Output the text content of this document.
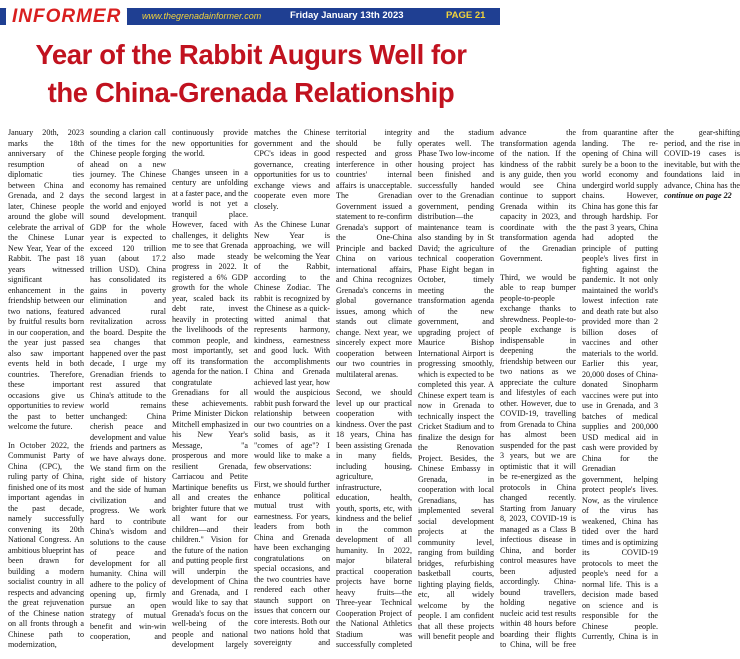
INFORMER	www.thegrenadainformer.com	Friday January 13th 2023	PAGE 21
Year of the Rabbit Augurs Well for
the China-Grenada Relationship

January 20th, 2023 marks the 18th anniversary of the resumption of diplomatic ties between China and Grenada, and 2 days later, Chinese people around the globe will celebrate the arrival of the Chinese Lunar New Year, Year of the Rabbit. The past 18 years witnessed significant enhancement in the friendship between our two nations, featured by fruitful results born in our cooperation, and the year just passed also saw important events held in both countries. Therefore, these important occasions give us opportunities to review the past to better welcome the future.

In October 2022, the Communist Party of China (CPC), the ruling party of China, finished one of its most important agendas in the past decade, namely successfully convening its 20th National Congress. An ambitious blueprint has been drawn for building a modern socialist country in all respects and advancing the great rejuvenation of the Chinese nation on all fronts through a Chinese path to modernization, sounding a clarion call of the times for the Chinese people forging ahead on a new journey. The Chinese economy has remained the second largest in the world and enjoyed sound development. GDP for the whole year is expected to exceed 120 trillion yuan (about 17.2 trillion USD). China has consolidated its gains in poverty elimination and advanced rural revitalization across the board. Despite the sea changes that happened over the past decade, I urge my Grenadian friends to rest assured that China's attitude to the world remains unchanged: China cherish peace and development and value friends and partners as we have always done. We stand firm on the right side of history and the side of human civilization and progress. We work hard to contribute China's wisdom and solutions to the cause of peace and development for all humanity. China will adhere to the policy of opening up, firmly pursue an open strategy of mutual benefit and win-win cooperation, and continuously provide new opportunities for the world.

Changes unseen in a century are unfolding at a faster pace, and the world is not yet a tranquil place. However, faced with challenges, it delights me to see that Grenada also made steady progress in 2022. It registered a 6% GDP growth for the whole year, scaled back its debt rate, invest heavily in protecting the livelihoods of the common people, and most importantly, set off its transformation agenda for the nation. I congratulate Grenadians for all these achievements. Prime Minister Dickon Mitchell emphasized in his New Year's Message, "a prosperous and more resilient Grenada, Carriacou and Petite Martinique benefits us all and creates the brighter future that we all want for our children—and their children." Vision for the future of the nation and putting people first will underpin the development of China and Grenada, and I would like to say that Grenada's focus on the well-being of the people and national development largely matches the Chinese government and the CPC's ideas in good governance, creating opportunities for us to exchange views and cooperate even more closely.

As the Chinese Lunar New Year is approaching, we will be welcoming the Year of the Rabbit, according to the Chinese Zodiac. The rabbit is recognized by the Chinese as a quick-witted animal that represents harmony, kindness, earnestness and good luck. With the accomplishments China and Grenada achieved last year, how would the auspicious rabbit push forward the relationship between our two countries on a solid basis, as it "comes of age"? I would like to make a few observations:

First, we should further enhance political mutual trust with earnestness. For years, leaders from both China and Grenada have been exchanging congratulations on special occasions, and the two countries have rendered each other staunch support on issues that concern our core interests. Both our two nations hold that sovereignty and territorial integrity should be fully respected and gross interference in other countries' internal affairs is unacceptable. The Grenadian Government issued a statement to re-confirm Grenada's support of the One-China Principle and backed China on various international affairs, and China recognizes Grenada's concerns in global governance issues, among which stands out climate change. Next year, we sincerely expect more cooperation between our two countries in multilateral arenas.

Second, we should level up our practical cooperation with kindness. Over the past 18 years, China has been assisting Grenada in many fields, including housing, agriculture, infrastructure, education, health, youth, sports, etc, with kindness and the belief in the common development of all humanity. In 2022, major bilateral practical cooperation projects have borne heavy fruits—the Three-year Technical Cooperation Project of the National Athletics Stadium was successfully completed and the stadium operates well. The Phase Two low-income housing project has been finished and successfully handed over to the Grenadian government, pending distribution—the maintenance team is also standing by in St David; the agriculture technical cooperation Phase Eight began in October, timely meeting the transformation agenda of the new government, and upgrading project of Maurice Bishop International Airport is progressing smoothly, which is expected to be completed this year. A Chinese expert team is now in Grenada to technically inspect the Cricket Stadium and to finalize the design for the Renovation Project. Besides, the Chinese Embassy in Grenada, in cooperation with local Grenadians, has implemented several social development projects at the community level, ranging from building bridges, refurbishing basketball courts, lighting playing fields, etc, all widely welcome by the people. I am confident that all these projects will benefit people and advance the transformation agenda of the nation. If the kindness of the rabbit is any guide, then you would see China continue to support Grenada within its capacity in 2023, and coordinate with the transformation agenda of the Grenadian Government.

Third, we would be able to reap bumper people-to-people exchange thanks to shrewdness. People-to-people exchange is indispensable in deepening the friendship between our two nations as we appreciate the culture and lifestyles of each other. However, due to COVID-19, travelling from Grenada to China has almost been suspended for the past 3 years, but we are optimistic that it will be re-energized as the protocols in China changed recently. Starting from January 8, 2023, COVID-19 is managed as a Class B infectious disease in China, and border control measures have been adjusted accordingly. China-bound travellers, holding negative nucleic acid test results within 48 hours before boarding their flights to China, will be free from quarantine after landing. The re-opening of China will surely be a boon to the world economy and undergird world supply chains. However, China has gone this far through hardship. For the past 3 years, China had adopted the principle of putting people's lives first in fighting against the pandemic. It not only maintained the world's lowest infection rate and death rate but also provided more than 2 billion doses of vaccines and other materials to the world. Earlier this year, 20,000 doses of China-donated Sinopharm vaccines were put into use in Grenada, and 3 batches of medical supplies and 200,000 USD medical aid in cash were provided by China for the Grenadian government, helping protect people's lives. Now, as the virulence of the virus has weakened, China has tided over the hard times and is optimizing its COVID-19 protocols to meet the people's need for a normal life. This is a decision made based on science and is responsible for the Chinese people. Currently, China is in the gear-shifting period, and the rise in COVID-19 cases is inevitable, but with the foundations laid in advance, China has the continue on page 22
